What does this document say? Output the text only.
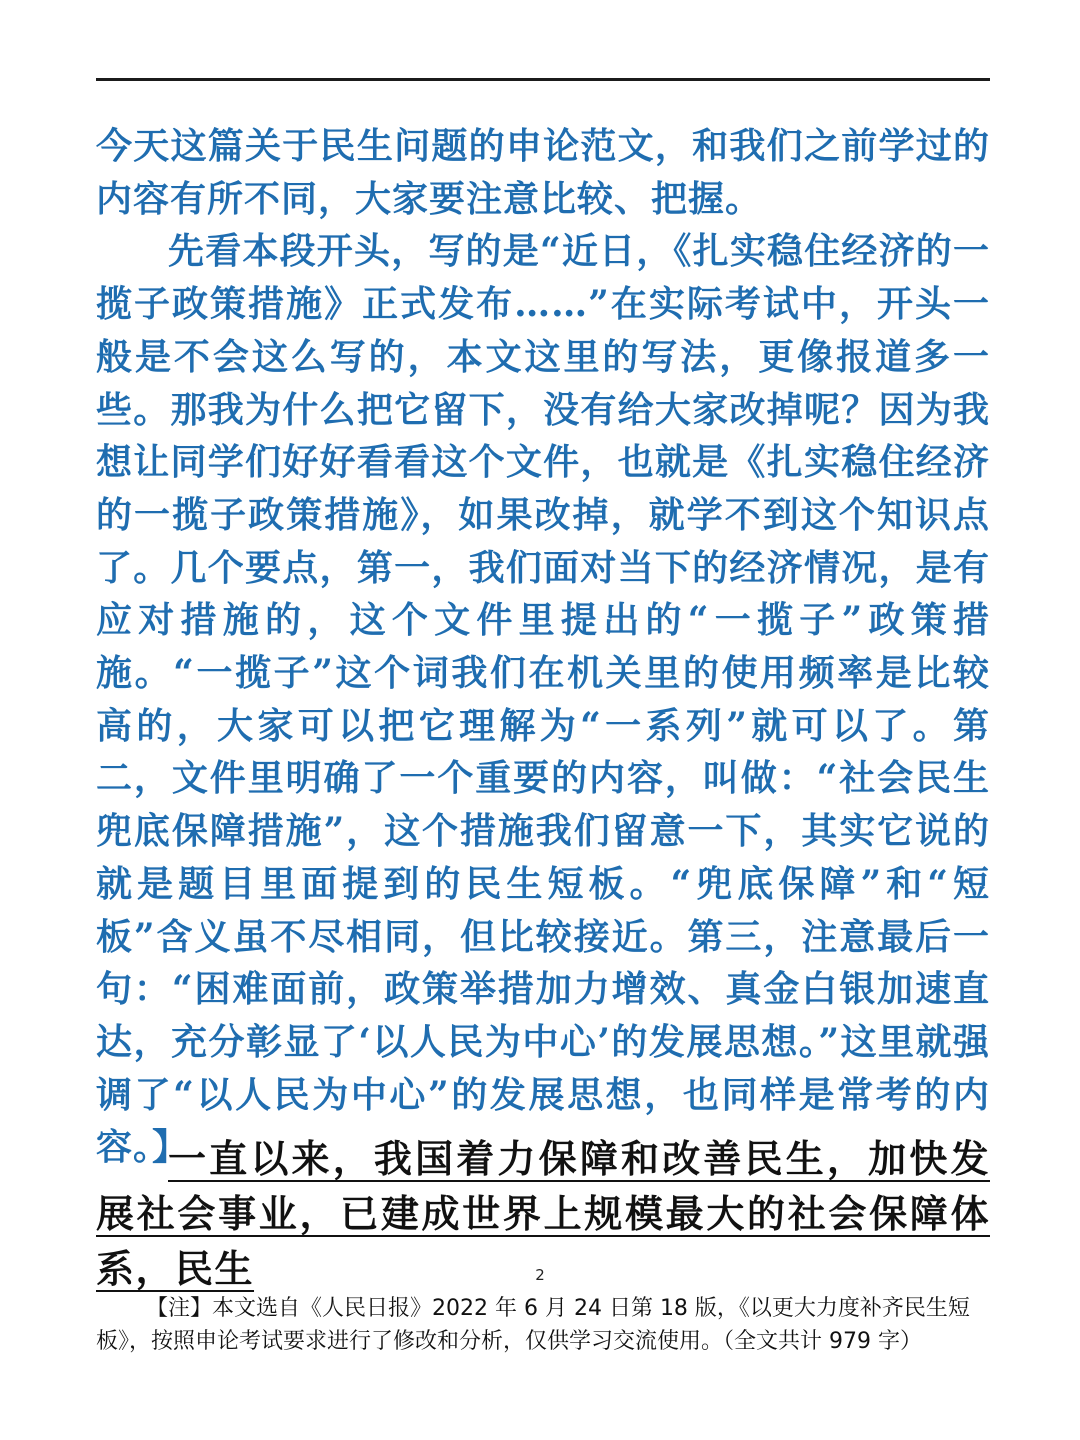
今天这篇关于民生问题的申论范文，和我们之前学过的内容有所不同，大家要注意比较、把握。

先看本段开头，写的是“近日，《扎实稳住经济的一揽子政策措施》正式发布……”在实际考试中，开头一般是不会这么写的，本文这里的写法，更像报道多一些。那我为什么把它留下，没有给大家改掉呢？因为我想让同学们好好看看这个文件，也就是《扎实稳住经济的一揽子政策措施》，如果改掉，就学不到这个知识点了。几个要点，第一，我们面对当下的经济情况，是有应对措施的，这个文件里提出的“一揽子”政策措施。“一揽子”这个词我们在机关里的使用频率是比较高的，大家可以把它理解为“一系列”就可以了。第二，文件里明确了一个重要的内容，叫做：“社会民生兜底保障措施”，这个措施我们留意一下，其实它说的就是题目里面提到的民生短板。“兜底保障”和“短板”含义虽不尽相同，但比较接近。第三，注意最后一句：“困难面前，政策举措加力增效、真金白银加速直达，充分彰显了‘以人民为中心’的发展思想。”这里就强调了“以人民为中心”的发展思想，也同样是常考的内容。】

一直以来，我国着力保障和改善民生，加快发展社会事业，已建成世界上规模最大的社会保障体系，民生	2

【注】本文选自《人民日报》2022 年 6 月 24 日第 18 版，《以更大力度补齐民生短板》，按照申论考试要求进行了修改和分析，仅供学习交流使用。（全文共计 979 字）
